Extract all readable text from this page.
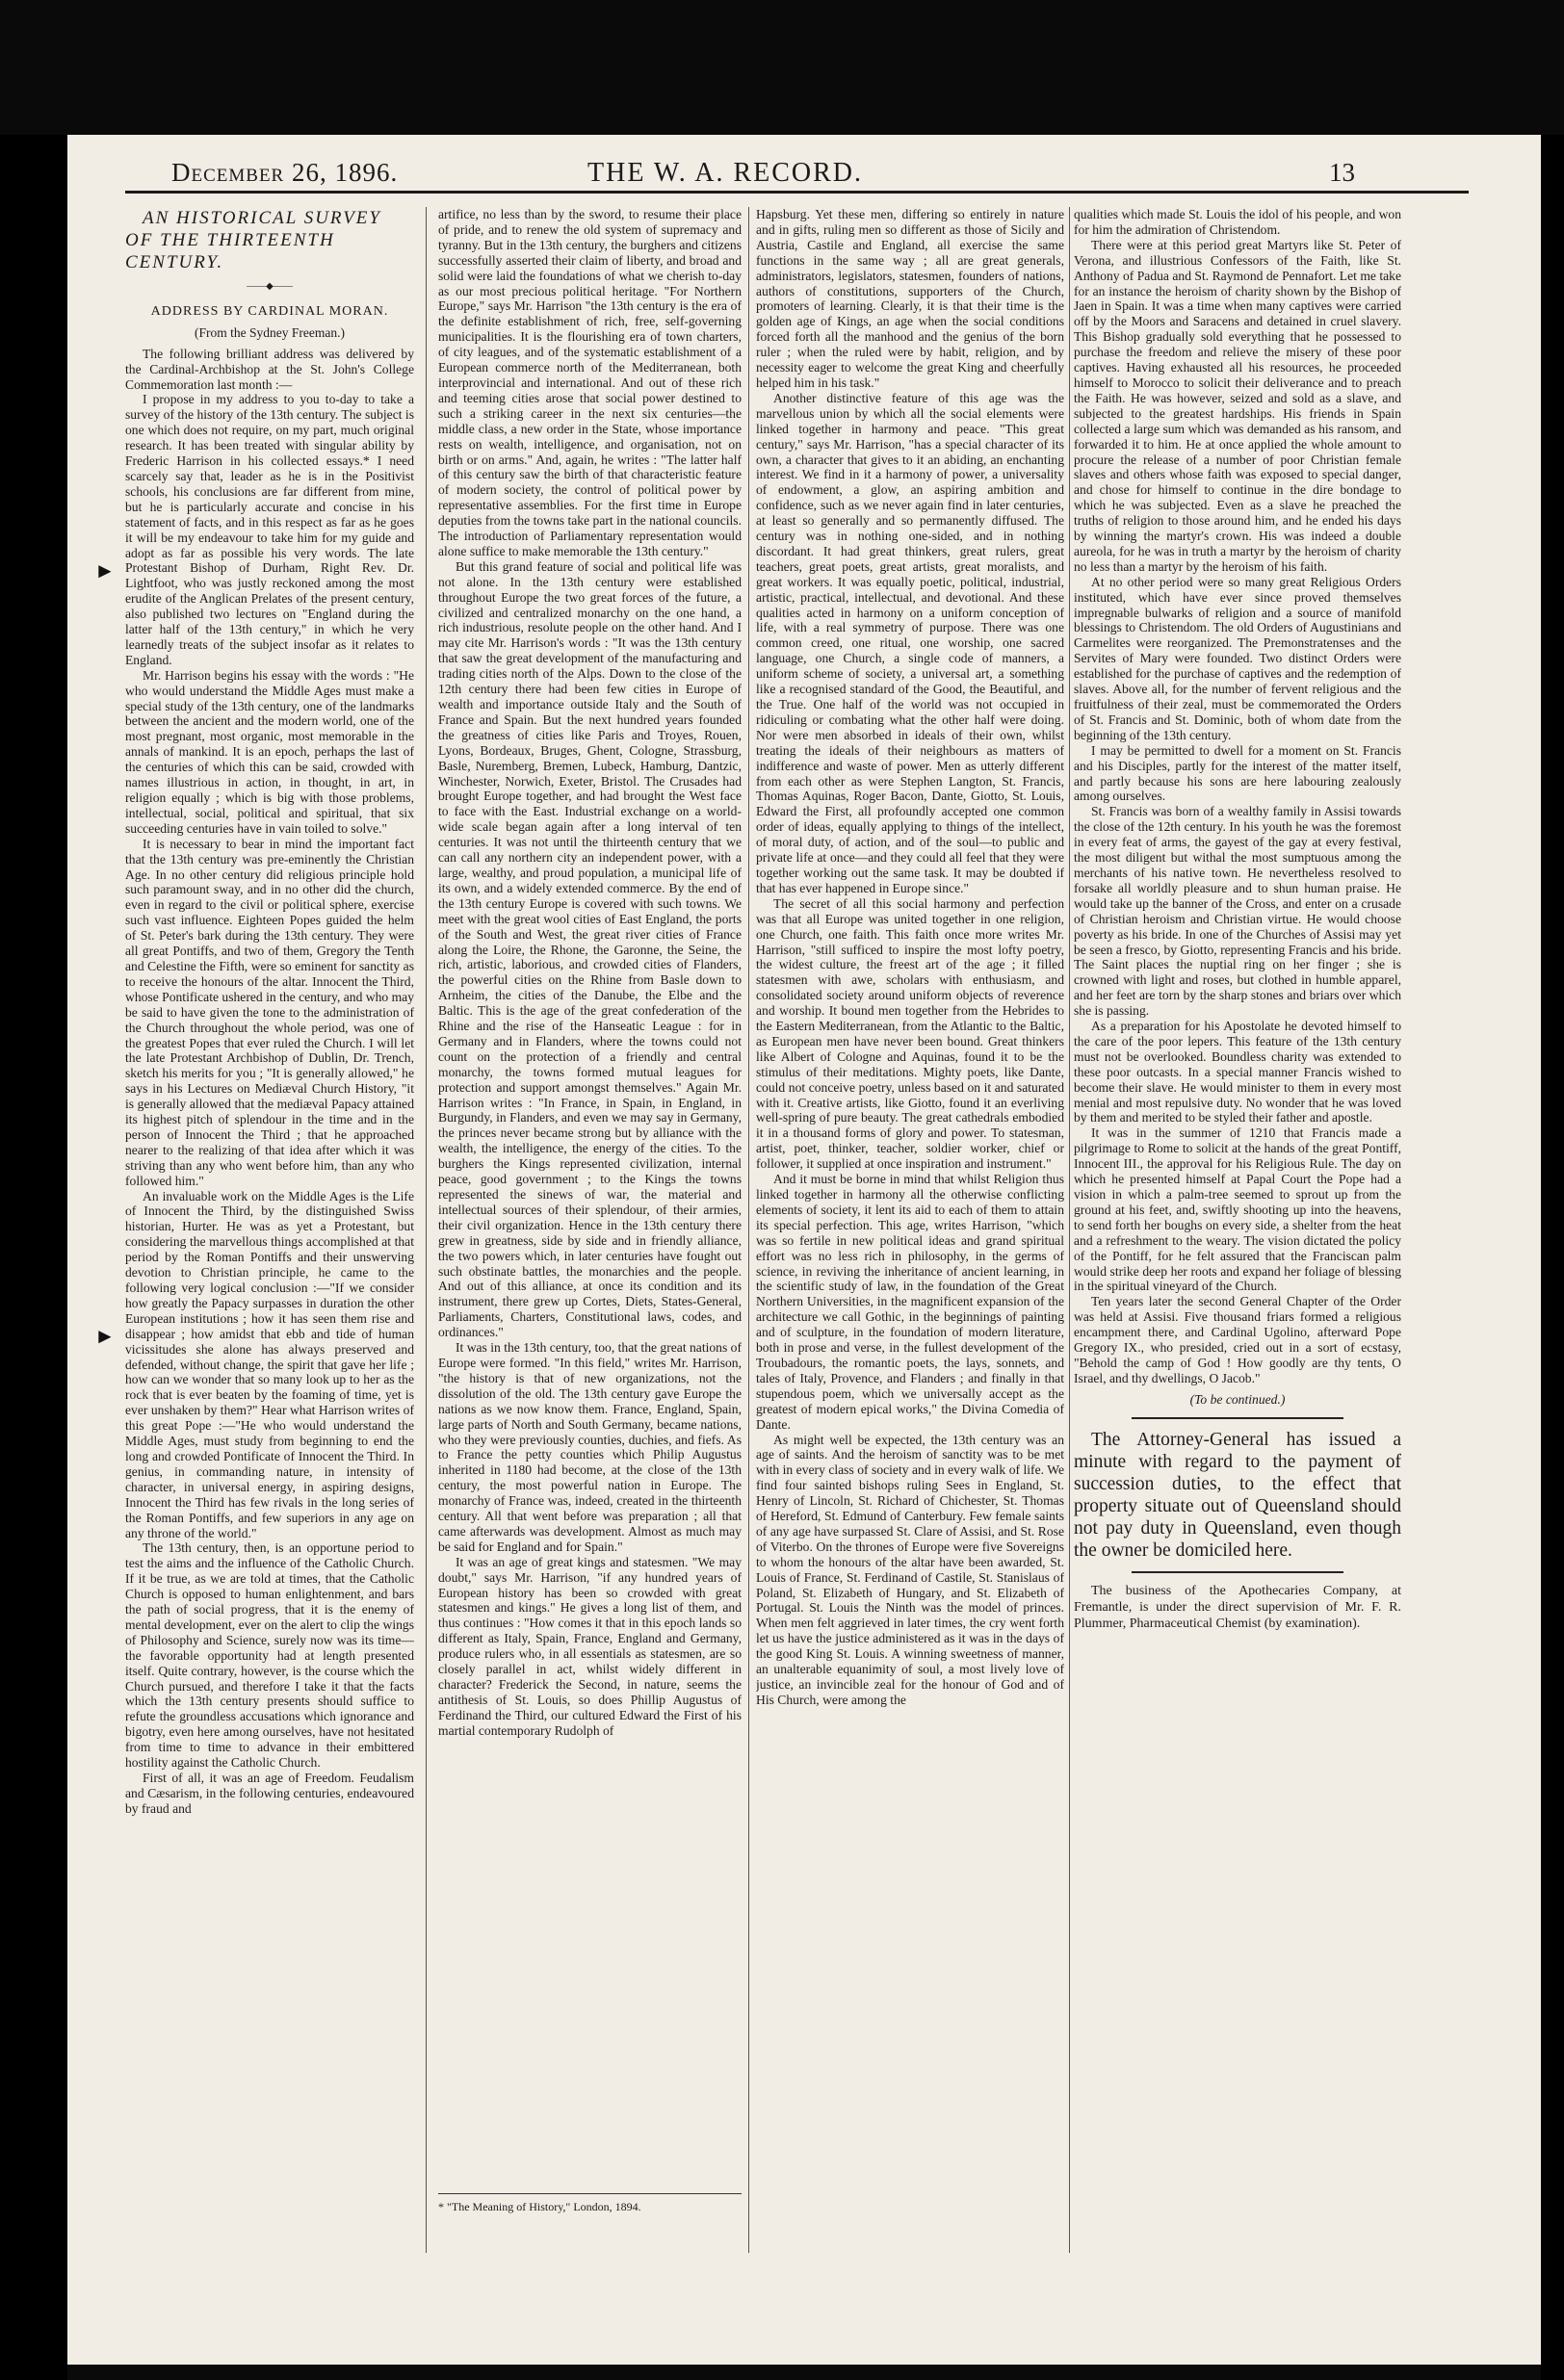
December 26, 1896.	THE W. A. RECORD.	13
►
►

AN HISTORICAL SURVEY OF THE THIRTEENTH CENTURY.

——◆——
ADDRESS BY CARDINAL MORAN.
(From the Sydney Freeman.)

The following brilliant address was delivered by the Cardinal-Archbishop at the St. John's College Commemoration last month :—

I propose in my address to you to-day to take a survey of the history of the 13th century. The subject is one which does not require, on my part, much original research. It has been treated with singular ability by Frederic Harrison in his collected essays.* I need scarcely say that, leader as he is in the Positivist schools, his conclusions are far different from mine, but he is particularly accurate and concise in his statement of facts, and in this respect as far as he goes it will be my endeavour to take him for my guide and adopt as far as possible his very words. The late Protestant Bishop of Durham, Right Rev. Dr. Lightfoot, who was justly reckoned among the most erudite of the Anglican Prelates of the present century, also published two lectures on "England during the latter half of the 13th century," in which he very learnedly treats of the subject insofar as it relates to England.

Mr. Harrison begins his essay with the words : "He who would understand the Middle Ages must make a special study of the 13th century, one of the landmarks between the ancient and the modern world, one of the most pregnant, most organic, most memorable in the annals of mankind. It is an epoch, perhaps the last of the centuries of which this can be said, crowded with names illustrious in action, in thought, in art, in religion equally ; which is big with those problems, intellectual, social, political and spiritual, that six succeeding centuries have in vain toiled to solve."

It is necessary to bear in mind the important fact that the 13th century was pre-eminently the Christian Age. In no other century did religious principle hold such paramount sway, and in no other did the church, even in regard to the civil or political sphere, exercise such vast influence. Eighteen Popes guided the helm of St. Peter's bark during the 13th century. They were all great Pontiffs, and two of them, Gregory the Tenth and Celestine the Fifth, were so eminent for sanctity as to receive the honours of the altar. Innocent the Third, whose Pontificate ushered in the century, and who may be said to have given the tone to the administration of the Church throughout the whole period, was one of the greatest Popes that ever ruled the Church. I will let the late Protestant Archbishop of Dublin, Dr. Trench, sketch his merits for you ; "It is generally allowed," he says in his Lectures on Mediæval Church History, "it is generally allowed that the mediæval Papacy attained its highest pitch of splendour in the time and in the person of Innocent the Third ; that he approached nearer to the realizing of that idea after which it was striving than any who went before him, than any who followed him."

An invaluable work on the Middle Ages is the Life of Innocent the Third, by the distinguished Swiss historian, Hurter. He was as yet a Protestant, but considering the marvellous things accomplished at that period by the Roman Pontiffs and their unswerving devotion to Christian principle, he came to the following very logical conclusion :—"If we consider how greatly the Papacy surpasses in duration the other European institutions ; how it has seen them rise and disappear ; how amidst that ebb and tide of human vicissitudes she alone has always preserved and defended, without change, the spirit that gave her life ; how can we wonder that so many look up to her as the rock that is ever beaten by the foaming of time, yet is ever unshaken by them?" Hear what Harrison writes of this great Pope :—"He who would understand the Middle Ages, must study from beginning to end the long and crowded Pontificate of Innocent the Third. In genius, in commanding nature, in intensity of character, in universal energy, in aspiring designs, Innocent the Third has few rivals in the long series of the Roman Pontiffs, and few superiors in any age on any throne of the world."

The 13th century, then, is an opportune period to test the aims and the influence of the Catholic Church. If it be true, as we are told at times, that the Catholic Church is opposed to human enlightenment, and bars the path of social progress, that it is the enemy of mental development, ever on the alert to clip the wings of Philosophy and Science, surely now was its time—the favorable opportunity had at length presented itself. Quite contrary, however, is the course which the Church pursued, and therefore I take it that the facts which the 13th century presents should suffice to refute the groundless accusations which ignorance and bigotry, even here among ourselves, have not hesitated from time to time to advance in their embittered hostility against the Catholic Church.

First of all, it was an age of Freedom. Feudalism and Cæsarism, in the following centuries, endeavoured by fraud and

artifice, no less than by the sword, to resume their place of pride, and to renew the old system of supremacy and tyranny. But in the 13th century, the burghers and citizens successfully asserted their claim of liberty, and broad and solid were laid the foundations of what we cherish to-day as our most precious political heritage. "For Northern Europe," says Mr. Harrison "the 13th century is the era of the definite establishment of rich, free, self-governing municipalities. It is the flourishing era of town charters, of city leagues, and of the systematic establishment of a European commerce north of the Mediterranean, both interprovincial and international. And out of these rich and teeming cities arose that social power destined to such a striking career in the next six centuries—the middle class, a new order in the State, whose importance rests on wealth, intelligence, and organisation, not on birth or on arms." And, again, he writes : "The latter half of this century saw the birth of that characteristic feature of modern society, the control of political power by representative assemblies. For the first time in Europe deputies from the towns take part in the national councils. The introduction of Parliamentary representation would alone suffice to make memorable the 13th century."

But this grand feature of social and political life was not alone. In the 13th century were established throughout Europe the two great forces of the future, a civilized and centralized monarchy on the one hand, a rich industrious, resolute people on the other hand. And I may cite Mr. Harrison's words : "It was the 13th century that saw the great development of the manufacturing and trading cities north of the Alps. Down to the close of the 12th century there had been few cities in Europe of wealth and importance outside Italy and the South of France and Spain. But the next hundred years founded the greatness of cities like Paris and Troyes, Rouen, Lyons, Bordeaux, Bruges, Ghent, Cologne, Strassburg, Basle, Nuremberg, Bremen, Lubeck, Hamburg, Dantzic, Winchester, Norwich, Exeter, Bristol. The Crusades had brought Europe together, and had brought the West face to face with the East. Industrial exchange on a world-wide scale began again after a long interval of ten centuries. It was not until the thirteenth century that we can call any northern city an independent power, with a large, wealthy, and proud population, a municipal life of its own, and a widely extended commerce. By the end of the 13th century Europe is covered with such towns. We meet with the great wool cities of East England, the ports of the South and West, the great river cities of France along the Loire, the Rhone, the Garonne, the Seine, the rich, artistic, laborious, and crowded cities of Flanders, the powerful cities on the Rhine from Basle down to Arnheim, the cities of the Danube, the Elbe and the Baltic. This is the age of the great confederation of the Rhine and the rise of the Hanseatic League : for in Germany and in Flanders, where the towns could not count on the protection of a friendly and central monarchy, the towns formed mutual leagues for protection and support amongst themselves." Again Mr. Harrison writes : "In France, in Spain, in England, in Burgundy, in Flanders, and even we may say in Germany, the princes never became strong but by alliance with the wealth, the intelligence, the energy of the cities. To the burghers the Kings represented civilization, internal peace, good government ; to the Kings the towns represented the sinews of war, the material and intellectual sources of their splendour, of their armies, their civil organization. Hence in the 13th century there grew in greatness, side by side and in friendly alliance, the two powers which, in later centuries have fought out such obstinate battles, the monarchies and the people. And out of this alliance, at once its condition and its instrument, there grew up Cortes, Diets, States-General, Parliaments, Charters, Constitutional laws, codes, and ordinances."

It was in the 13th century, too, that the great nations of Europe were formed. "In this field," writes Mr. Harrison, "the history is that of new organizations, not the dissolution of the old. The 13th century gave Europe the nations as we now know them. France, England, Spain, large parts of North and South Germany, became nations, who they were previously counties, duchies, and fiefs. As to France the petty counties which Philip Augustus inherited in 1180 had become, at the close of the 13th century, the most powerful nation in Europe. The monarchy of France was, indeed, created in the thirteenth century. All that went before was preparation ; all that came afterwards was development. Almost as much may be said for England and for Spain."

It was an age of great kings and statesmen. "We may doubt," says Mr. Harrison, "if any hundred years of European history has been so crowded with great statesmen and kings." He gives a long list of them, and thus continues : "How comes it that in this epoch lands so different as Italy, Spain, France, England and Germany, produce rulers who, in all essentials as statesmen, are so closely parallel in act, whilst widely different in character? Frederick the Second, in nature, seems the antithesis of St. Louis, so does Phillip Augustus of Ferdinand the Third, our cultured Edward the First of his martial contemporary Rudolph of

* "The Meaning of History," London, 1894.

Hapsburg. Yet these men, differing so entirely in nature and in gifts, ruling men so different as those of Sicily and Austria, Castile and England, all exercise the same functions in the same way ; all are great generals, administrators, legislators, statesmen, founders of nations, authors of constitutions, supporters of the Church, promoters of learning. Clearly, it is that their time is the golden age of Kings, an age when the social conditions forced forth all the manhood and the genius of the born ruler ; when the ruled were by habit, religion, and by necessity eager to welcome the great King and cheerfully helped him in his task."

Another distinctive feature of this age was the marvellous union by which all the social elements were linked together in harmony and peace. "This great century," says Mr. Harrison, "has a special character of its own, a character that gives to it an abiding, an enchanting interest. We find in it a harmony of power, a universality of endowment, a glow, an aspiring ambition and confidence, such as we never again find in later centuries, at least so generally and so permanently diffused. The century was in nothing one-sided, and in nothing discordant. It had great thinkers, great rulers, great teachers, great poets, great artists, great moralists, and great workers. It was equally poetic, political, industrial, artistic, practical, intellectual, and devotional. And these qualities acted in harmony on a uniform conception of life, with a real symmetry of purpose. There was one common creed, one ritual, one worship, one sacred language, one Church, a single code of manners, a uniform scheme of society, a universal art, a something like a recognised standard of the Good, the Beautiful, and the True. One half of the world was not occupied in ridiculing or combating what the other half were doing. Nor were men absorbed in ideals of their own, whilst treating the ideals of their neighbours as matters of indifference and waste of power. Men as utterly different from each other as were Stephen Langton, St. Francis, Thomas Aquinas, Roger Bacon, Dante, Giotto, St. Louis, Edward the First, all profoundly accepted one common order of ideas, equally applying to things of the intellect, of moral duty, of action, and of the soul—to public and private life at once—and they could all feel that they were together working out the same task. It may be doubted if that has ever happened in Europe since."

The secret of all this social harmony and perfection was that all Europe was united together in one religion, one Church, one faith. This faith once more writes Mr. Harrison, "still sufficed to inspire the most lofty poetry, the widest culture, the freest art of the age ; it filled statesmen with awe, scholars with enthusiasm, and consolidated society around uniform objects of reverence and worship. It bound men together from the Hebrides to the Eastern Mediterranean, from the Atlantic to the Baltic, as European men have never been bound. Great thinkers like Albert of Cologne and Aquinas, found it to be the stimulus of their meditations. Mighty poets, like Dante, could not conceive poetry, unless based on it and saturated with it. Creative artists, like Giotto, found it an everliving well-spring of pure beauty. The great cathedrals embodied it in a thousand forms of glory and power. To statesman, artist, poet, thinker, teacher, soldier worker, chief or follower, it supplied at once inspiration and instrument."

And it must be borne in mind that whilst Religion thus linked together in harmony all the otherwise conflicting elements of society, it lent its aid to each of them to attain its special perfection. This age, writes Harrison, "which was so fertile in new political ideas and grand spiritual effort was no less rich in philosophy, in the germs of science, in reviving the inheritance of ancient learning, in the scientific study of law, in the foundation of the Great Northern Universities, in the magnificent expansion of the architecture we call Gothic, in the beginnings of painting and of sculpture, in the foundation of modern literature, both in prose and verse, in the fullest development of the Troubadours, the romantic poets, the lays, sonnets, and tales of Italy, Provence, and Flanders ; and finally in that stupendous poem, which we universally accept as the greatest of modern epical works," the Divina Comedia of Dante.

As might well be expected, the 13th century was an age of saints. And the heroism of sanctity was to be met with in every class of society and in every walk of life. We find four sainted bishops ruling Sees in England, St. Henry of Lincoln, St. Richard of Chichester, St. Thomas of Hereford, St. Edmund of Canterbury. Few female saints of any age have surpassed St. Clare of Assisi, and St. Rose of Viterbo. On the thrones of Europe were five Sovereigns to whom the honours of the altar have been awarded, St. Louis of France, St. Ferdinand of Castile, St. Stanislaus of Poland, St. Elizabeth of Hungary, and St. Elizabeth of Portugal. St. Louis the Ninth was the model of princes. When men felt aggrieved in later times, the cry went forth let us have the justice administered as it was in the days of the good King St. Louis. A winning sweetness of manner, an unalterable equanimity of soul, a most lively love of justice, an invincible zeal for the honour of God and of His Church, were among the

qualities which made St. Louis the idol of his people, and won for him the admiration of Christendom.

There were at this period great Martyrs like St. Peter of Verona, and illustrious Confessors of the Faith, like St. Anthony of Padua and St. Raymond de Pennafort. Let me take for an instance the heroism of charity shown by the Bishop of Jaen in Spain. It was a time when many captives were carried off by the Moors and Saracens and detained in cruel slavery. This Bishop gradually sold everything that he possessed to purchase the freedom and relieve the misery of these poor captives. Having exhausted all his resources, he proceeded himself to Morocco to solicit their deliverance and to preach the Faith. He was however, seized and sold as a slave, and subjected to the greatest hardships. His friends in Spain collected a large sum which was demanded as his ransom, and forwarded it to him. He at once applied the whole amount to procure the release of a number of poor Christian female slaves and others whose faith was exposed to special danger, and chose for himself to continue in the dire bondage to which he was subjected. Even as a slave he preached the truths of religion to those around him, and he ended his days by winning the martyr's crown. His was indeed a double aureola, for he was in truth a martyr by the heroism of charity no less than a martyr by the heroism of his faith.

At no other period were so many great Religious Orders instituted, which have ever since proved themselves impregnable bulwarks of religion and a source of manifold blessings to Christendom. The old Orders of Augustinians and Carmelites were reorganized. The Premonstratenses and the Servites of Mary were founded. Two distinct Orders were established for the purchase of captives and the redemption of slaves. Above all, for the number of fervent religious and the fruitfulness of their zeal, must be commemorated the Orders of St. Francis and St. Dominic, both of whom date from the beginning of the 13th century.

I may be permitted to dwell for a moment on St. Francis and his Disciples, partly for the interest of the matter itself, and partly because his sons are here labouring zealously among ourselves.

St. Francis was born of a wealthy family in Assisi towards the close of the 12th century. In his youth he was the foremost in every feat of arms, the gayest of the gay at every festival, the most diligent but withal the most sumptuous among the merchants of his native town. He nevertheless resolved to forsake all worldly pleasure and to shun human praise. He would take up the banner of the Cross, and enter on a crusade of Christian heroism and Christian virtue. He would choose poverty as his bride. In one of the Churches of Assisi may yet be seen a fresco, by Giotto, representing Francis and his bride. The Saint places the nuptial ring on her finger ; she is crowned with light and roses, but clothed in humble apparel, and her feet are torn by the sharp stones and briars over which she is passing.

As a preparation for his Apostolate he devoted himself to the care of the poor lepers. This feature of the 13th century must not be overlooked. Boundless charity was extended to these poor outcasts. In a special manner Francis wished to become their slave. He would minister to them in every most menial and most repulsive duty. No wonder that he was loved by them and merited to be styled their father and apostle.

It was in the summer of 1210 that Francis made a pilgrimage to Rome to solicit at the hands of the great Pontiff, Innocent III., the approval for his Religious Rule. The day on which he presented himself at Papal Court the Pope had a vision in which a palm-tree seemed to sprout up from the ground at his feet, and, swiftly shooting up into the heavens, to send forth her boughs on every side, a shelter from the heat and a refreshment to the weary. The vision dictated the policy of the Pontiff, for he felt assured that the Franciscan palm would strike deep her roots and expand her foliage of blessing in the spiritual vineyard of the Church.

Ten years later the second General Chapter of the Order was held at Assisi. Five thousand friars formed a religious encampment there, and Cardinal Ugolino, afterward Pope Gregory IX., who presided, cried out in a sort of ecstasy, "Behold the camp of God ! How goodly are thy tents, O Israel, and thy dwellings, O Jacob."

(To be continued.)

The Attorney-General has issued a minute with regard to the payment of succession duties, to the effect that property situate out of Queensland should not pay duty in Queensland, even though the owner be domiciled here.

The business of the Apothecaries Company, at Fremantle, is under the direct supervision of Mr. F. R. Plummer, Pharmaceutical Chemist (by examination).
